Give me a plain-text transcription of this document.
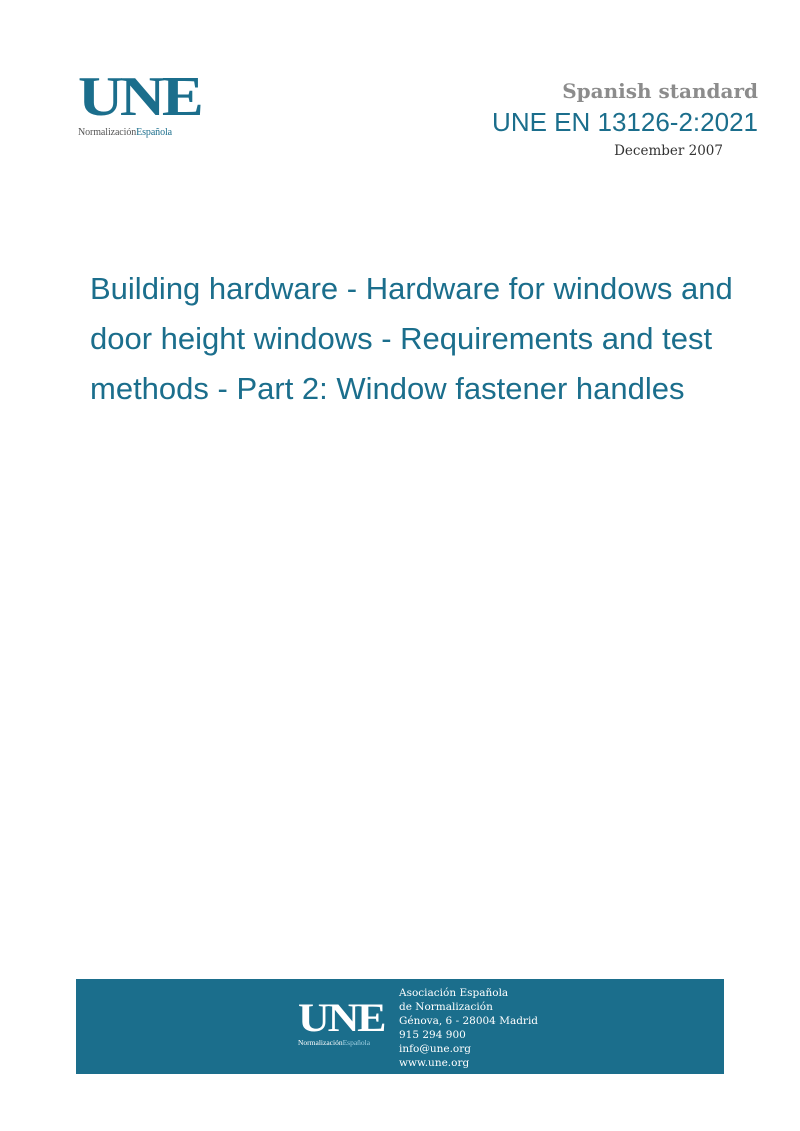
UNE
NormalizaciónEspañola
Spanish standard
UNE EN 13126-2:2021
December 2007
Building hardware - Hardware for windows and
door height windows - Requirements and test
methods - Part 2: Window fastener handles
UNE
NormalizaciónEspañola
Asociación Española
de Normalización
Génova, 6 - 28004 Madrid
915 294 900
info@une.org
www.une.org
